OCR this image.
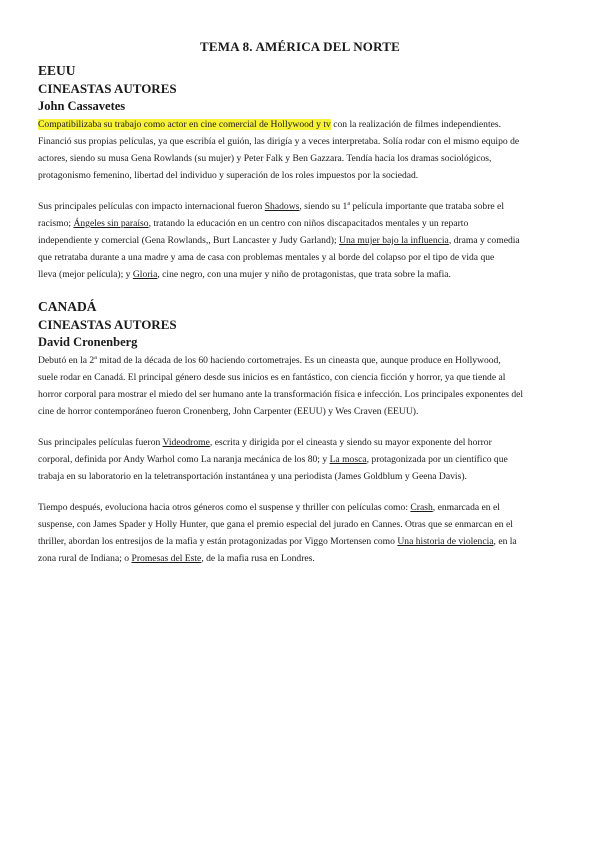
TEMA 8. AMÉRICA DEL NORTE
EEUU
CINEASTAS AUTORES
John Cassavetes

Compatibilizaba su trabajo como actor en cine comercial de Hollywood y tv con la realización de filmes independientes.

Financió sus propias películas, ya que escribía el guión, las dirigía y a veces interpretaba. Solía rodar con el mismo equipo de

actores, siendo su musa Gena Rowlands (su mujer) y Peter Falk y Ben Gazzara. Tendía hacia los dramas sociológicos,

protagonismo femenino, libertad del individuo y superación de los roles impuestos por la sociedad.

Sus principales películas con impacto internacional fueron Shadows, siendo su 1$^a$ película importante que trataba sobre el

racismo; Ángeles sin paraíso, tratando la educación en un centro con niños discapacitados mentales y un reparto

independiente y comercial (Gena Rowlands,, Burt Lancaster y Judy Garland); Una mujer bajo la influencia, drama y comedia

que retrataba durante a una madre y ama de casa con problemas mentales y al borde del colapso por el tipo de vida que

lleva (mejor película); y Gloria, cine negro, con una mujer y niño de protagonistas, que trata sobre la mafia.

CANADÁ
CINEASTAS AUTORES
David Cronenberg

Debutó en la 2$^a$ mitad de la década de los 60 haciendo cortometrajes. Es un cineasta que, aunque produce en Hollywood,

suele rodar en Canadá. El principal género desde sus inicios es en fantástico, con ciencia ficción y horror, ya que tiende al

horror corporal para mostrar el miedo del ser humano ante la transformación física e infección. Los principales exponentes del

cine de horror contemporáneo fueron Cronenberg, John Carpenter (EEUU) y Wes Craven (EEUU).

Sus principales películas fueron Videodrome, escrita y dirigida por el cineasta y siendo su mayor exponente del horror

corporal, definida por Andy Warhol como La naranja mecánica de los 80; y La mosca, protagonizada por un científico que

trabaja en su laboratorio en la teletransportación instantánea y una periodista (James Goldblum y Geena Davis).

Tiempo después, evoluciona hacia otros géneros como el suspense y thriller con películas como: Crash, enmarcada en el

suspense, con James Spader y Holly Hunter, que gana el premio especial del jurado en Cannes. Otras que se enmarcan en el

thriller, abordan los entresijos de la mafia y están protagonizadas por Viggo Mortensen como Una historia de violencia, en la

zona rural de Indiana; o Promesas del Este, de la mafia rusa en Londres.
